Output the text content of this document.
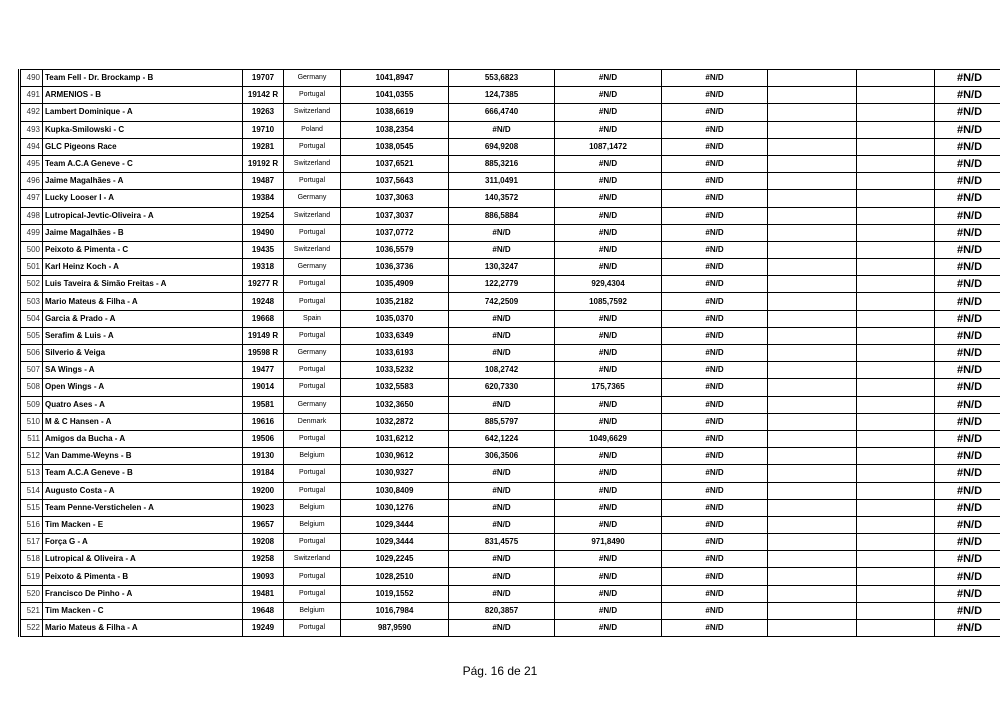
490	Team Fell - Dr. Brockamp - B	19707	Germany	1041,8947	553,6823	#N/D	#N/D			#N/D
491	ARMENIOS - B	19142 R	Portugal	1041,0355	124,7385	#N/D	#N/D			#N/D
492	Lambert Dominique - A	19263	Switzerland	1038,6619	666,4740	#N/D	#N/D			#N/D
493	Kupka-Smilowski - C	19710	Poland	1038,2354	#N/D	#N/D	#N/D			#N/D
494	GLC Pigeons Race	19281	Portugal	1038,0545	694,9208	1087,1472	#N/D			#N/D
495	Team A.C.A Geneve - C	19192 R	Switzerland	1037,6521	885,3216	#N/D	#N/D			#N/D
496	Jaime Magalhães - A	19487	Portugal	1037,5643	311,0491	#N/D	#N/D			#N/D
497	Lucky Looser I - A	19384	Germany	1037,3063	140,3572	#N/D	#N/D			#N/D
498	Lutropical-Jevtic-Oliveira - A	19254	Switzerland	1037,3037	886,5884	#N/D	#N/D			#N/D
499	Jaime Magalhães - B	19490	Portugal	1037,0772	#N/D	#N/D	#N/D			#N/D
500	Peixoto & Pimenta - C	19435	Switzerland	1036,5579	#N/D	#N/D	#N/D			#N/D
501	Karl Heinz Koch - A	19318	Germany	1036,3736	130,3247	#N/D	#N/D			#N/D
502	Luis Taveira & Simão Freitas - A	19277 R	Portugal	1035,4909	122,2779	929,4304	#N/D			#N/D
503	Mario Mateus & Filha - A	19248	Portugal	1035,2182	742,2509	1085,7592	#N/D			#N/D
504	Garcia & Prado - A	19668	Spain	1035,0370	#N/D	#N/D	#N/D			#N/D
505	Serafim & Luis - A	19149 R	Portugal	1033,6349	#N/D	#N/D	#N/D			#N/D
506	Silverio & Veiga	19598 R	Germany	1033,6193	#N/D	#N/D	#N/D			#N/D
507	SA Wings - A	19477	Portugal	1033,5232	108,2742	#N/D	#N/D			#N/D
508	Open Wings - A	19014	Portugal	1032,5583	620,7330	175,7365	#N/D			#N/D
509	Quatro Ases - A	19581	Germany	1032,3650	#N/D	#N/D	#N/D			#N/D
510	M & C Hansen - A	19616	Denmark	1032,2872	885,5797	#N/D	#N/D			#N/D
511	Amigos da Bucha - A	19506	Portugal	1031,6212	642,1224	1049,6629	#N/D			#N/D
512	Van Damme-Weyns - B	19130	Belgium	1030,9612	306,3506	#N/D	#N/D			#N/D
513	Team A.C.A Geneve - B	19184	Portugal	1030,9327	#N/D	#N/D	#N/D			#N/D
514	Augusto Costa - A	19200	Portugal	1030,8409	#N/D	#N/D	#N/D			#N/D
515	Team Penne-Verstichelen - A	19023	Belgium	1030,1276	#N/D	#N/D	#N/D			#N/D
516	Tim Macken - E	19657	Belgium	1029,3444	#N/D	#N/D	#N/D			#N/D
517	Força G - A	19208	Portugal	1029,3444	831,4575	971,8490	#N/D			#N/D
518	Lutropical & Oliveira - A	19258	Switzerland	1029,2245	#N/D	#N/D	#N/D			#N/D
519	Peixoto & Pimenta - B	19093	Portugal	1028,2510	#N/D	#N/D	#N/D			#N/D
520	Francisco De Pinho - A	19481	Portugal	1019,1552	#N/D	#N/D	#N/D			#N/D
521	Tim Macken - C	19648	Belgium	1016,7984	820,3857	#N/D	#N/D			#N/D
522	Mario Mateus & Filha - A	19249	Portugal	987,9590	#N/D	#N/D	#N/D			#N/D
Pág. 16 de 21
